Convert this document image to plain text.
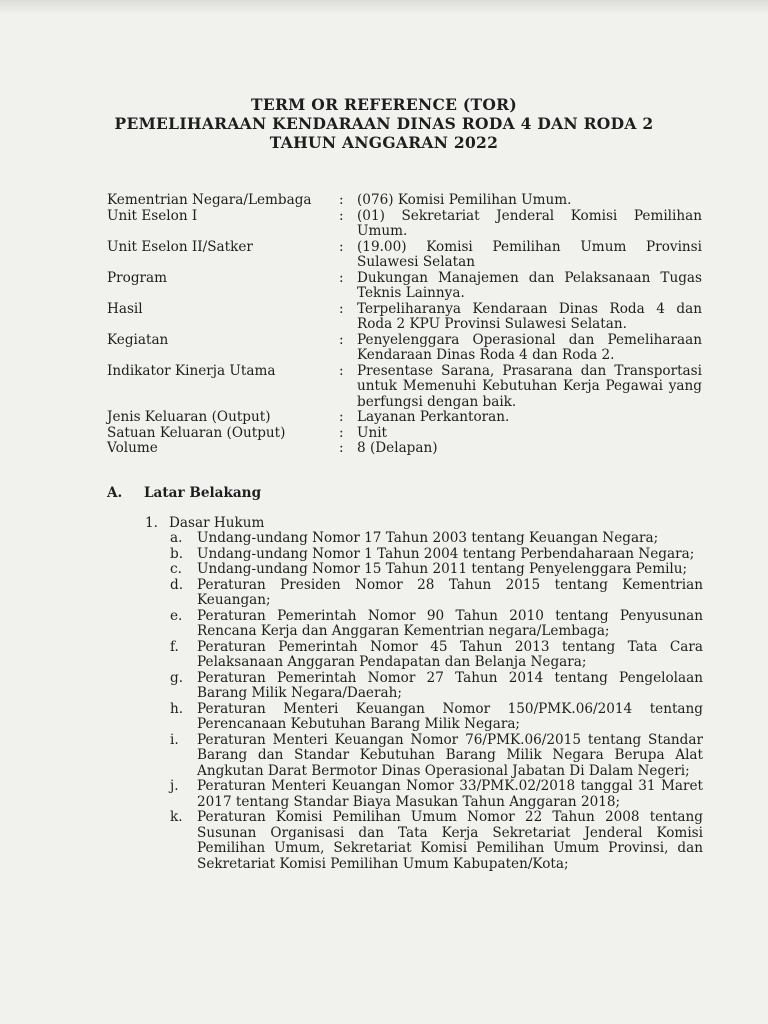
TERM OR REFERENCE (TOR)
PEMELIHARAAN KENDARAAN DINAS RODA 4 DAN RODA 2
TAHUN ANGGARAN 2022
Kementrian Negara/Lembaga	: (076) Komisi Pemilihan Umum.
Unit Eselon I	: (01) Sekretariat Jenderal Komisi Pemilihan Umum.
Unit Eselon II/Satker	: (19.00) Komisi Pemilihan Umum Provinsi Sulawesi Selatan
Program	: Dukungan Manajemen dan Pelaksanaan Tugas Teknis Lainnya.
Hasil	: Terpeliharanya Kendaraan Dinas Roda 4 dan Roda 2 KPU Provinsi Sulawesi Selatan.
Kegiatan	: Penyelenggara Operasional dan Pemeliharaan Kendaraan Dinas Roda 4 dan Roda 2.
Indikator Kinerja Utama	: Presentase Sarana, Prasarana dan Transportasi untuk Memenuhi Kebutuhan Kerja Pegawai yang berfungsi dengan baik.
Jenis Keluaran (Output)	: Layanan Perkantoran.
Satuan Keluaran (Output)	: Unit
Volume	: 8 (Delapan)
A. Latar Belakang
1. Dasar Hukum
a.	Undang-undang Nomor 17 Tahun 2003 tentang Keuangan Negara;
b.	Undang-undang Nomor 1 Tahun 2004 tentang Perbendaharaan Negara;
c.	Undang-undang Nomor 15 Tahun 2011 tentang Penyelenggara Pemilu;
d.	Peraturan Presiden Nomor 28 Tahun 2015 tentang Kementrian Keuangan;
e.	Peraturan Pemerintah Nomor 90 Tahun 2010 tentang Penyusunan Rencana Kerja dan Anggaran Kementrian negara/Lembaga;
f.	Peraturan Pemerintah Nomor 45 Tahun 2013 tentang Tata Cara Pelaksanaan Anggaran Pendapatan dan Belanja Negara;
g.	Peraturan Pemerintah Nomor 27 Tahun 2014 tentang Pengelolaan Barang Milik Negara/Daerah;
h.	Peraturan Menteri Keuangan Nomor 150/PMK.06/2014 tentang Perencanaan Kebutuhan Barang Milik Negara;
i.	Peraturan Menteri Keuangan Nomor 76/PMK.06/2015 tentang Standar Barang dan Standar Kebutuhan Barang Milik Negara Berupa Alat Angkutan Darat Bermotor Dinas Operasional Jabatan Di Dalam Negeri;
j.	Peraturan Menteri Keuangan Nomor 33/PMK.02/2018 tanggal 31 Maret 2017 tentang Standar Biaya Masukan Tahun Anggaran 2018;
k.	Peraturan Komisi Pemilihan Umum Nomor 22 Tahun 2008 tentang Susunan Organisasi dan Tata Kerja Sekretariat Jenderal Komisi Pemilihan Umum, Sekretariat Komisi Pemilihan Umum Provinsi, dan Sekretariat Komisi Pemilihan Umum Kabupaten/Kota;
